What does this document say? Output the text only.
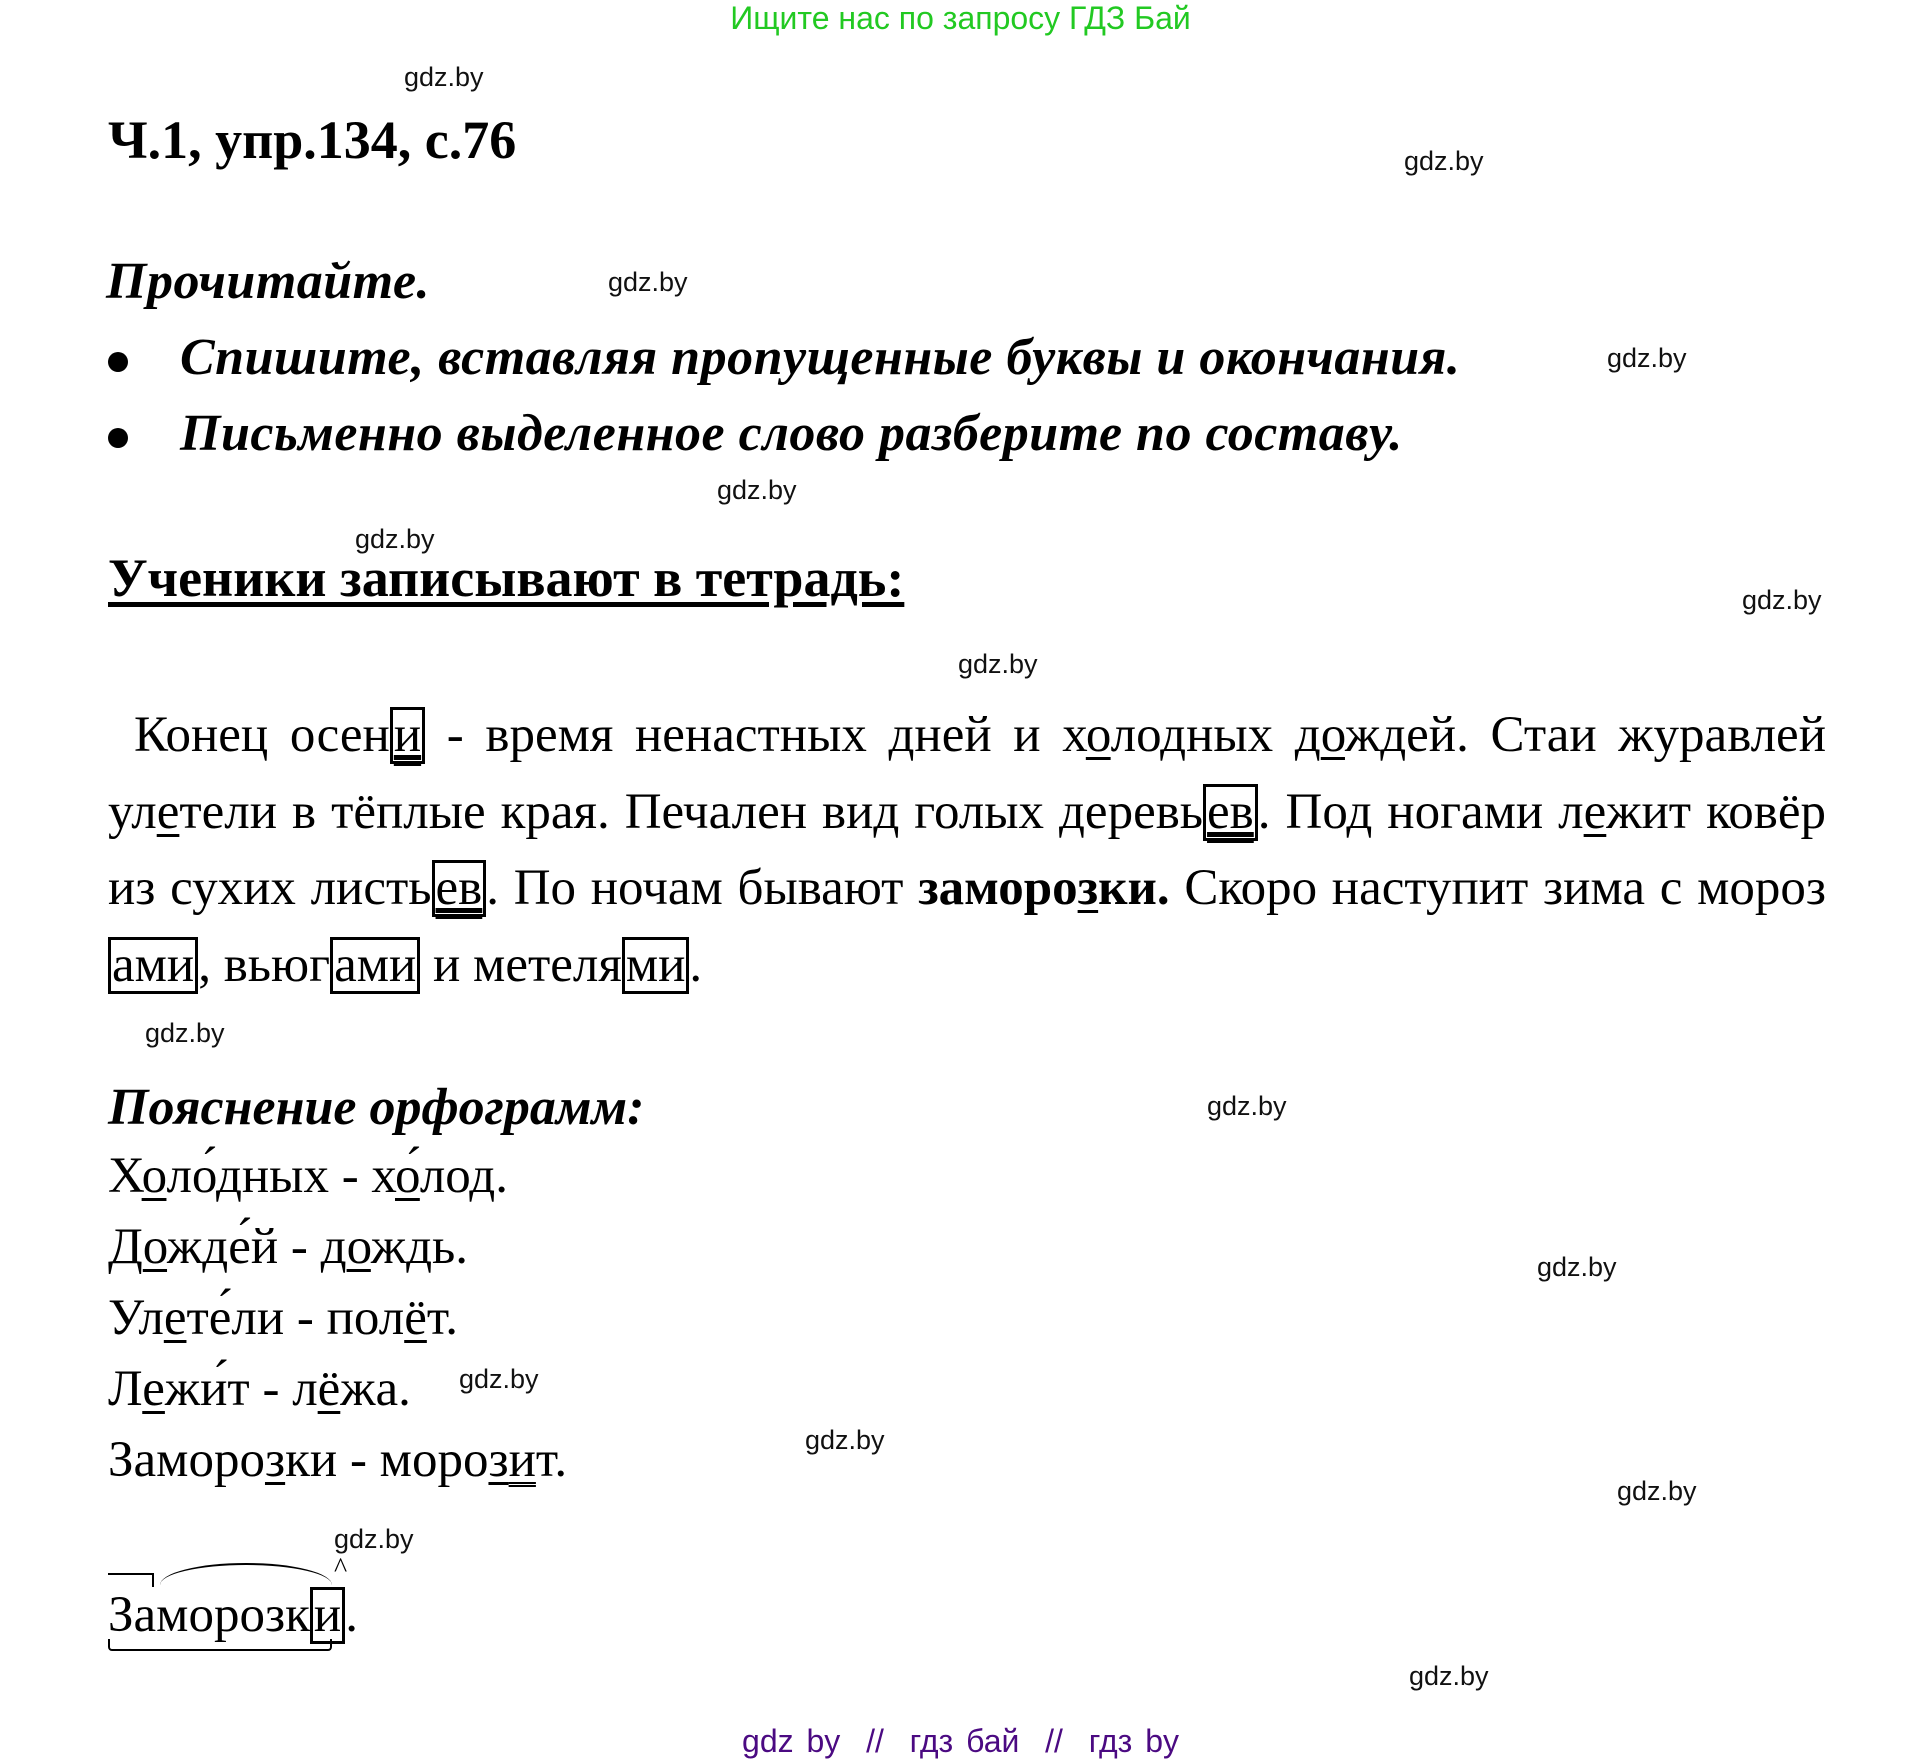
Ищите нас по запросу ГДЗ Бай
gdz.by
gdz.by
gdz.by
gdz.by
gdz.by
gdz.by
gdz.by
gdz.by
gdz.by
gdz.by
gdz.by
gdz.by
gdz.by
gdz.by
gdz.by
gdz.by
Ч.1, упр.134, с.76
Прочитайте.
Спишите, вставляя пропущенные буквы и окончания.
Письменно выделенное слово разберите по составу.
Ученики записывают в тетрадь:
Конец осени - время ненастных дней и холодных дождей. Стаи журавлей улетели в тёплые края. Печален вид голых деревьев. Под ногами лежит ковёр из сухих листьев. По ночам бывают заморозки. Скоро наступит зима с морозами, вьюгами и метелями.
Пояснение орфограмм:
Холодных - холод.
Дождей - дождь.
Улетели - полёт.
Лежит - лёжа.
Заморозки - морозит.
^
Заморозки.
gdz by  //  гдз бай  //  гдз by
